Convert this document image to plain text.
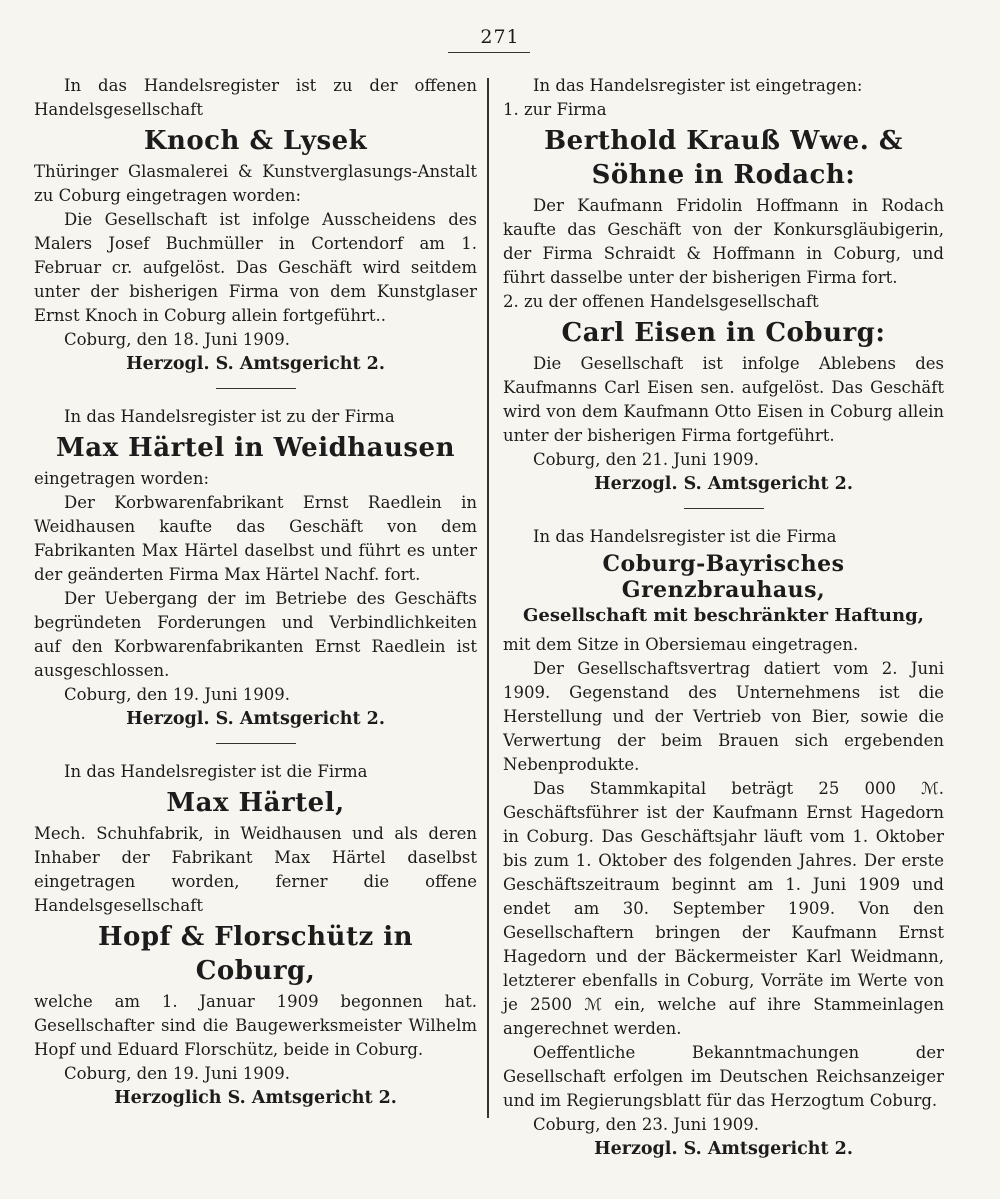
271

In das Handelsregister ist zu der offenen Handelsgesellschaft

Knoch & Lysek

Thüringer Glasmalerei & Kunstverglasungs-Anstalt zu Coburg eingetragen worden:

Die Gesellschaft ist infolge Ausscheidens des Malers Josef Buchmüller in Cortendorf am 1. Februar cr. aufgelöst. Das Geschäft wird seitdem unter der bisherigen Firma von dem Kunstglaser Ernst Knoch in Coburg allein fortgeführt..

Coburg, den 18. Juni 1909.

Herzogl. S. Amtsgericht 2.

In das Handelsregister ist zu der Firma

Max Härtel in Weidhausen

eingetragen worden:

Der Korbwarenfabrikant Ernst Raedlein in Weidhausen kaufte das Geschäft von dem Fabrikanten Max Härtel daselbst und führt es unter der geänderten Firma Max Härtel Nachf. fort.

Der Uebergang der im Betriebe des Geschäfts begründeten Forderungen und Verbindlichkeiten auf den Korbwarenfabrikanten Ernst Raedlein ist ausgeschlossen.

Coburg, den 19. Juni 1909.

Herzogl. S. Amtsgericht 2.

In das Handelsregister ist die Firma

Max Härtel,

Mech. Schuhfabrik, in Weidhausen und als deren Inhaber der Fabrikant Max Härtel daselbst eingetragen worden, ferner die offene Handelsgesellschaft

Hopf & Florschütz in Coburg,

welche am 1. Januar 1909 begonnen hat. Gesellschafter sind die Baugewerksmeister Wilhelm Hopf und Eduard Florschütz, beide in Coburg.

Coburg, den 19. Juni 1909.

Herzoglich S. Amtsgericht 2.

In das Handelsregister ist eingetragen:

1. zur Firma

Berthold Krauß Wwe. & Söhne in Rodach:

Der Kaufmann Fridolin Hoffmann in Rodach kaufte das Geschäft von der Konkursgläubigerin, der Firma Schraidt & Hoffmann in Coburg, und führt dasselbe unter der bisherigen Firma fort.

2. zu der offenen Handelsgesellschaft

Carl Eisen in Coburg:

Die Gesellschaft ist infolge Ablebens des Kaufmanns Carl Eisen sen. aufgelöst. Das Geschäft wird von dem Kaufmann Otto Eisen in Coburg allein unter der bisherigen Firma fortgeführt.

Coburg, den 21. Juni 1909.

Herzogl. S. Amtsgericht 2.

In das Handelsregister ist die Firma

Coburg-Bayrisches Grenzbrauhaus,
Gesellschaft mit beschränkter Haftung,

mit dem Sitze in Obersiemau eingetragen.

Der Gesellschaftsvertrag datiert vom 2. Juni 1909. Gegenstand des Unternehmens ist die Herstellung und der Vertrieb von Bier, sowie die Verwertung der beim Brauen sich ergebenden Nebenprodukte.

Das Stammkapital beträgt 25 000 ℳ. Geschäftsführer ist der Kaufmann Ernst Hagedorn in Coburg. Das Geschäftsjahr läuft vom 1. Oktober bis zum 1. Oktober des folgenden Jahres. Der erste Geschäftszeitraum beginnt am 1. Juni 1909 und endet am 30. September 1909. Von den Gesellschaftern bringen der Kaufmann Ernst Hagedorn und der Bäckermeister Karl Weidmann, letzterer ebenfalls in Coburg, Vorräte im Werte von je 2500 ℳ ein, welche auf ihre Stammeinlagen angerechnet werden.

Oeffentliche Bekanntmachungen der Gesellschaft erfolgen im Deutschen Reichsanzeiger und im Regierungsblatt für das Herzogtum Coburg.

Coburg, den 23. Juni 1909.

Herzogl. S. Amtsgericht 2.
